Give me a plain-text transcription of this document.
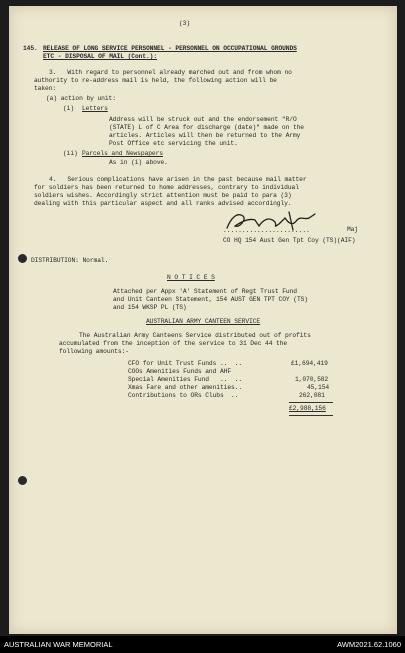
(3)
145. RELEASE OF LONG SERVICE PERSONNEL - PERSONNEL ON OCCUPATIONAL GROUNDS
ETC - DISPOSAL OF MAIL (Cont.):
3.   With regard to personnel already marched out and from whom no
authority to re-address mail is held, the following action will be
taken:
(a) action by unit:
(i) Letters
Address will be struck out and the endorsement "R/O
(STATE) L of C Area for discharge (date)" made on the
articles. Articles will then be returned to the Army
Post Office etc servicing the unit.
(ii) Parcels and Newspapers
As in (i) above.
4.   Serious complications have arisen in the past because mail matter
for soldiers has been returned to home addresses, contrary to individual
soldiers wishes. Accordingly strict attention must be paid to para (3)
dealing with this particular aspect and all ranks advised accordingly.
.......................	Maj
CO HQ 154 Aust Gen Tpt Coy (TS)(AIF)
DISTRIBUTION: Normal.
N O T I C E S
Attached per Appx 'A' Statement of Regt Trust Fund
and Unit Canteen Statement, 154 AUST GEN TPT COY (TS)
and 154 WKSP PL (TS)
AUSTRALIAN ARMY CANTEEN SERVICE
The Australian Army Canteens Service distributed out of profits
accumulated from the inception of the service to 31 Dec 44 the
following amounts:-
CFO for Unit Trust Funds ..  ..	£1,694,419
COOs Amenities Funds and AHF
Special Amenities Fund   ..  ..	1,070,582
Xmas Fare and other amenities..	45,154
Contributions to ORs Clubs  ..	262,081
£2,988,156
AUSTRALIAN WAR MEMORIAL	AWM2021.62.1060
